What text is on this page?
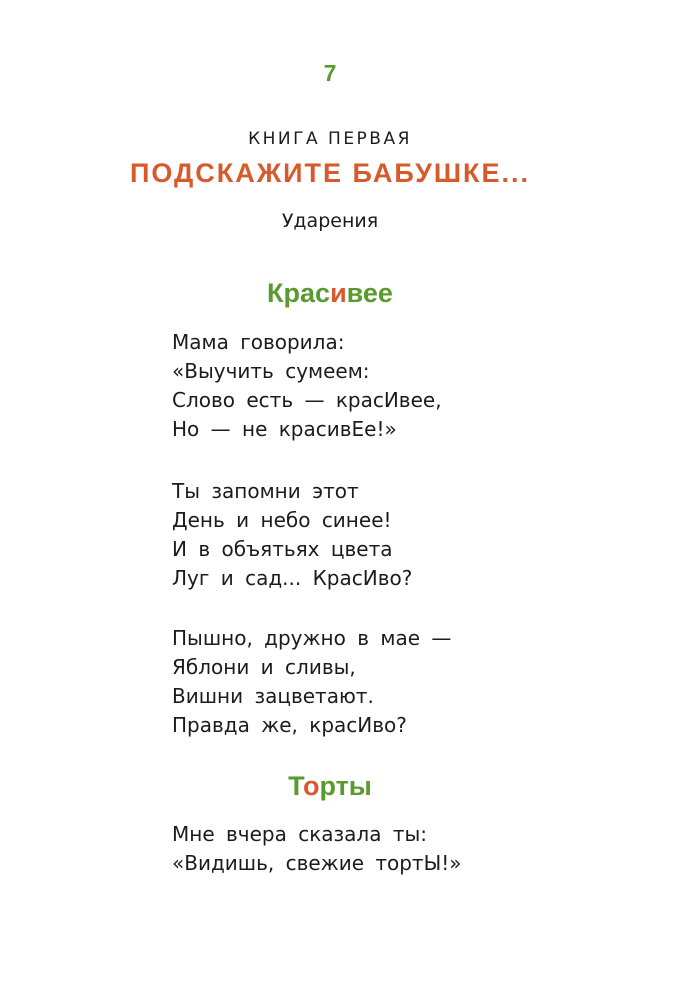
7
КНИГА ПЕРВАЯ
ПОДСКАЖИТЕ БАБУШКЕ...
Ударения
Красивее
Мама говорила:
«Выучить сумеем:
Слово есть — красИвее,
Но — не красивЕе!»
Ты запомни этот
День и небо синее!
И в объятьях цвета
Луг и сад... КрасИво?
Пышно, дружно в мае —
Яблони и сливы,
Вишни зацветают.
Правда же, красИво?
Торты
Мне вчера сказала ты:
«Видишь, свежие тортЫ!»
